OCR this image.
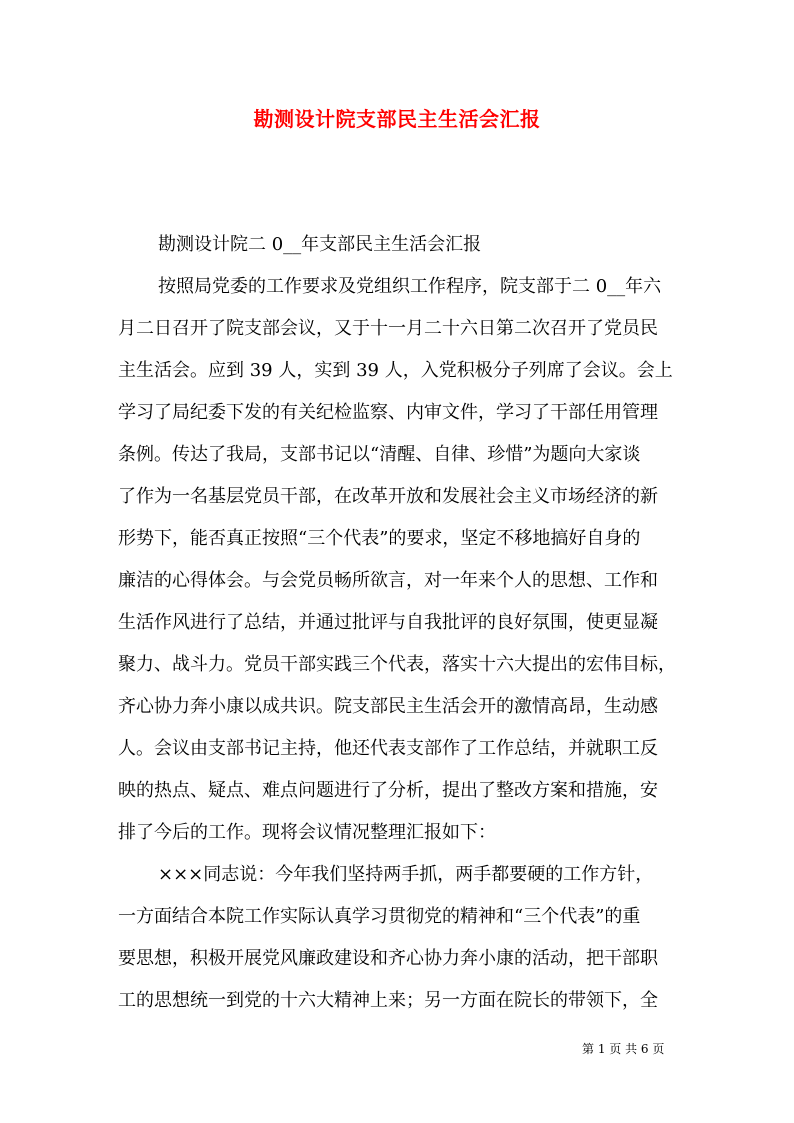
勘测设计院支部民主生活会汇报
勘测设计院二 0__年支部民主生活会汇报
按照局党委的工作要求及党组织工作程序，院支部于二 0__年六
月二日召开了院支部会议，又于十一月二十六日第二次召开了党员民
主生活会。应到 39 人，实到 39 人，入党积极分子列席了会议。会上
学习了局纪委下发的有关纪检监察、内审文件，学习了干部任用管理
条例。传达了我局，支部书记以“清醒、自律、珍惜”为题向大家谈
了作为一名基层党员干部，在改革开放和发展社会主义市场经济的新
形势下，能否真正按照“三个代表”的要求，坚定不移地搞好自身的
廉洁的心得体会。与会党员畅所欲言，对一年来个人的思想、工作和
生活作风进行了总结，并通过批评与自我批评的良好氛围，使更显凝
聚力、战斗力。党员干部实践三个代表，落实十六大提出的宏伟目标，
齐心协力奔小康以成共识。院支部民主生活会开的激情高昂，生动感
人。会议由支部书记主持，他还代表支部作了工作总结，并就职工反
映的热点、疑点、难点问题进行了分析，提出了整改方案和措施，安
排了今后的工作。现将会议情况整理汇报如下：
×××同志说：今年我们坚持两手抓，两手都要硬的工作方针，
一方面结合本院工作实际认真学习贯彻党的精神和“三个代表”的重
要思想，积极开展党风廉政建设和齐心协力奔小康的活动，把干部职
工的思想统一到党的十六大精神上来；另一方面在院长的带领下，全
第 1 页 共 6 页
